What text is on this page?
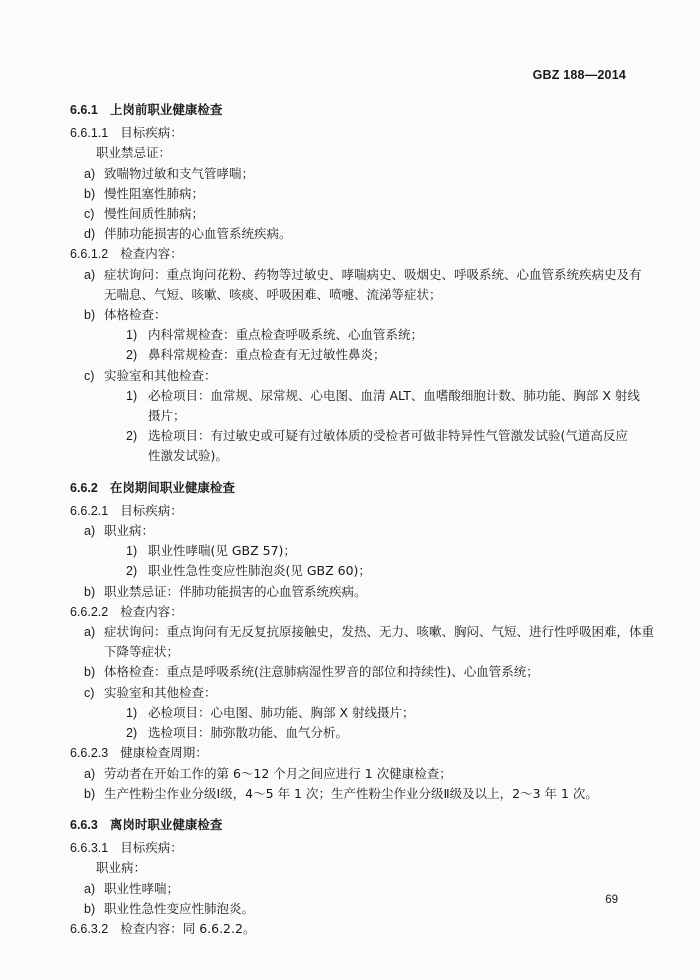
GBZ 188—2014
6.6.1 上岗前职业健康检查
6.6.1.1 目标疾病：
职业禁忌证：
a) 致喘物过敏和支气管哮喘；
b) 慢性阻塞性肺病；
c) 慢性间质性肺病；
d) 伴肺功能损害的心血管系统疾病。
6.6.1.2 检查内容：
a) 症状询问：重点询问花粉、药物等过敏史、哮喘病史、吸烟史、呼吸系统、心血管系统疾病史及有
无喘息、气短、咳嗽、咳痰、呼吸困难、喷嚏、流涕等症状；
b) 体格检查：
1) 内科常规检查：重点检查呼吸系统、心血管系统；
2) 鼻科常规检查：重点检查有无过敏性鼻炎；
c) 实验室和其他检查：
1) 必检项目：血常规、尿常规、心电图、血清 ALT、血嗜酸细胞计数、肺功能、胸部 X 射线
摄片；
2) 选检项目：有过敏史或可疑有过敏体质的受检者可做非特异性气管激发试验(气道高反应
性激发试验)。
6.6.2 在岗期间职业健康检查
6.6.2.1 目标疾病：
a) 职业病：
1) 职业性哮喘(见 GBZ 57)；
2) 职业性急性变应性肺泡炎(见 GBZ 60)；
b) 职业禁忌证：伴肺功能损害的心血管系统疾病。
6.6.2.2 检查内容：
a) 症状询问：重点询问有无反复抗原接触史，发热、无力、咳嗽、胸闷、气短、进行性呼吸困难，体重
下降等症状；
b) 体格检查：重点是呼吸系统(注意肺病湿性罗音的部位和持续性)、心血管系统；
c) 实验室和其他检查：
1) 必检项目：心电图、肺功能、胸部 X 射线摄片；
2) 选检项目：肺弥散功能、血气分析。
6.6.2.3 健康检查周期：
a) 劳动者在开始工作的第 6～12 个月之间应进行 1 次健康检查；
b) 生产性粉尘作业分级Ⅰ级，4～5 年 1 次；生产性粉尘作业分级Ⅱ级及以上，2～3 年 1 次。
6.6.3 离岗时职业健康检查
6.6.3.1 目标疾病：
职业病：
a) 职业性哮喘；
b) 职业性急性变应性肺泡炎。
6.6.3.2 检查内容：同 6.6.2.2。
69
